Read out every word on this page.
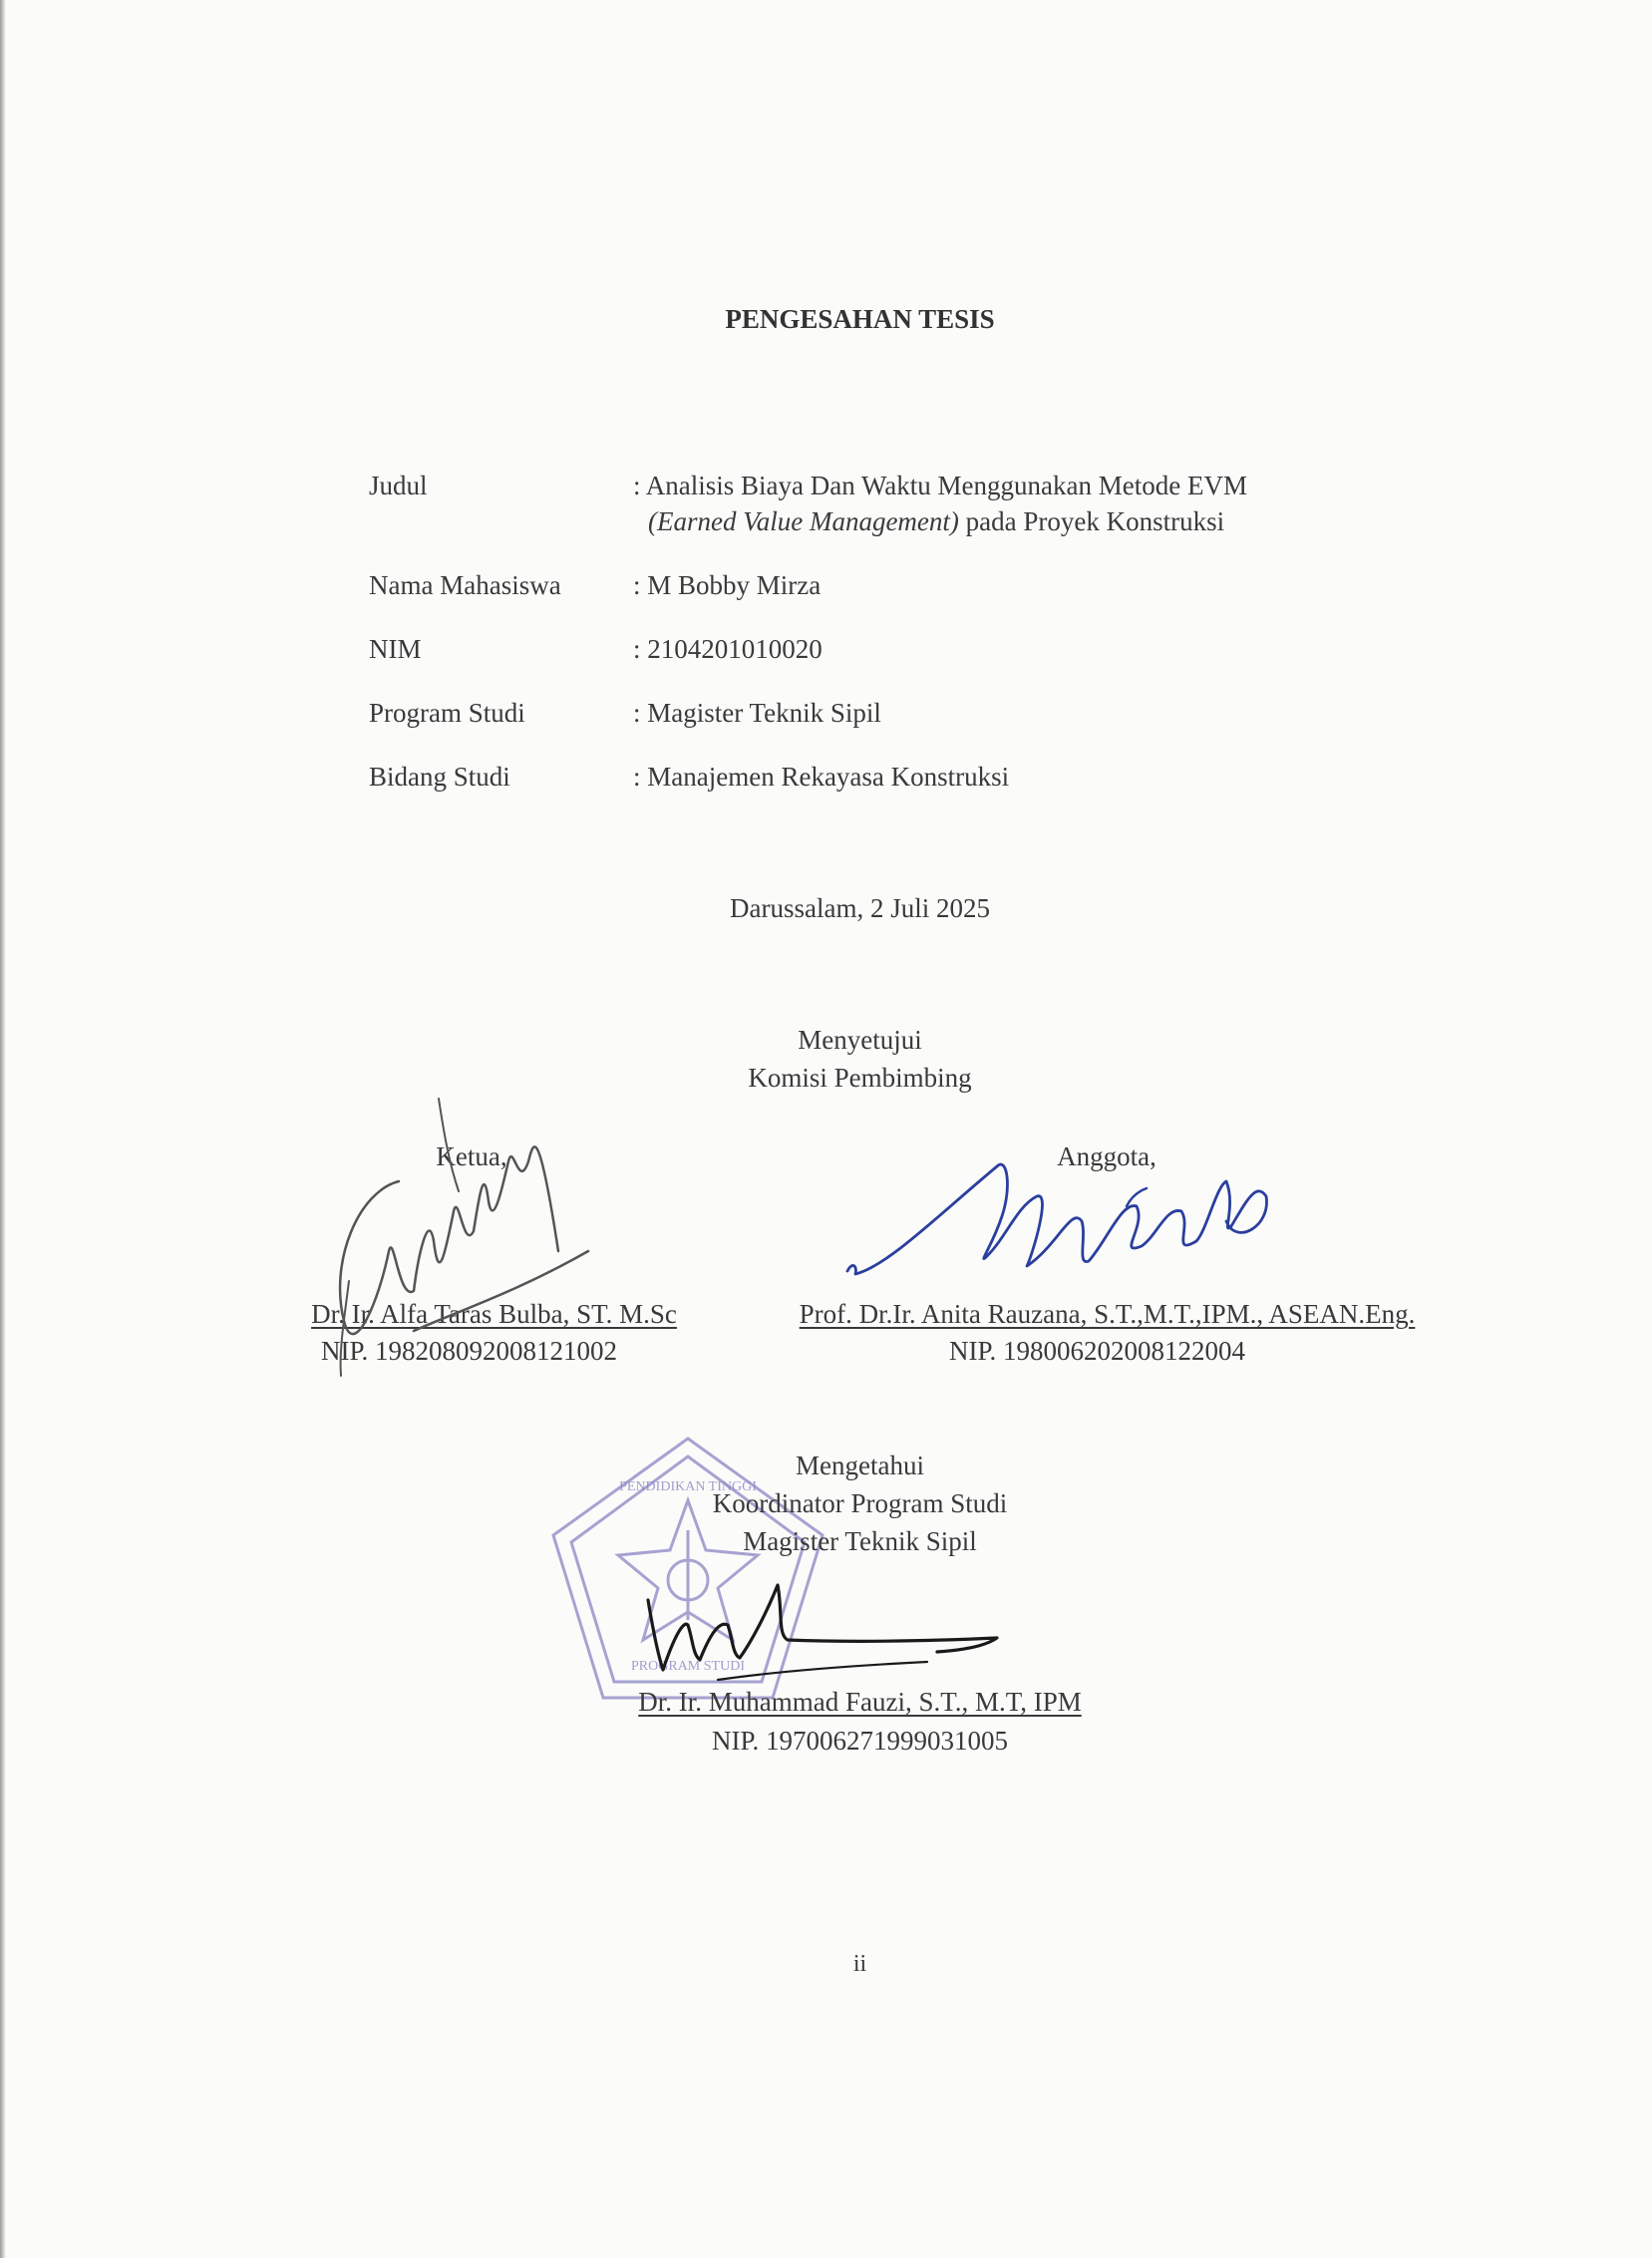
PENGESAHAN TESIS
Judul	: Analisis Biaya Dan Waktu Menggunakan Metode EVM
(Earned Value Management) pada Proyek Konstruksi
Nama Mahasiswa	: M Bobby Mirza
NIM	: 2104201010020
Program Studi	: Magister Teknik Sipil
Bidang Studi	: Manajemen Rekayasa Konstruksi
Darussalam, 2 Juli 2025
Menyetujui
Komisi Pembimbing
Ketua,
Dr. Ir. Alfa Taras Bulba, ST. M.Sc
NIP. 198208092008121002
Anggota,
Prof. Dr.Ir. Anita Rauzana, S.T.,M.T.,IPM., ASEAN.Eng.
NIP. 198006202008122004
PENDIDIKAN TINGGI
PROGRAM STUDI
Mengetahui
Koordinator Program Studi
Magister Teknik Sipil
Dr. Ir. Muhammad Fauzi, S.T., M.T, IPM
NIP. 197006271999031005
ii
